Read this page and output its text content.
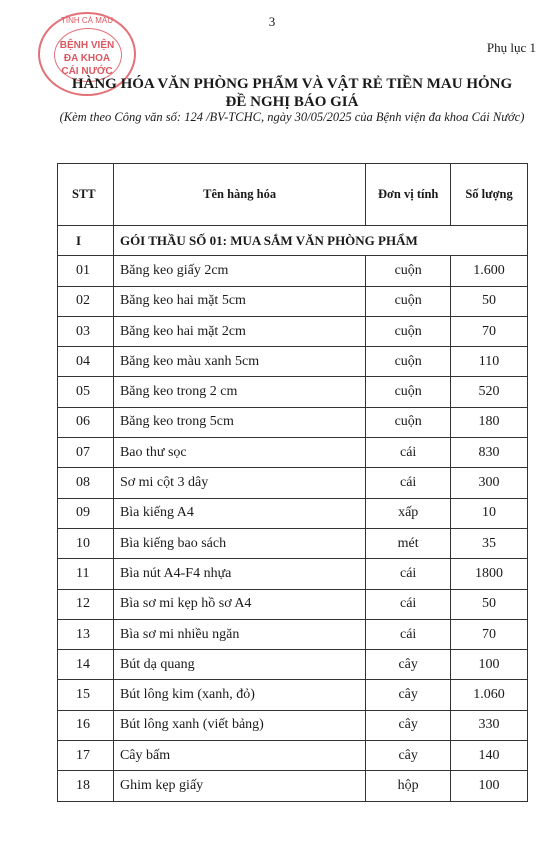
3
Phụ lục 1
TỈNH CÀ MAU
BỆNH VIỆN
ĐA KHOA
CÁI NƯỚC
HÀNG HÓA VĂN PHÒNG PHẨM VÀ VẬT RẺ TIỀN MAU HỎNG
ĐỀ NGHỊ BÁO GIÁ
(Kèm theo Công văn số: 124 /BV-TCHC, ngày 30/05/2025 của Bệnh viện đa khoa Cái Nước)
STT	Tên hàng hóa	Đơn vị tính	Số lượng
I	GÓI THẦU SỐ 01: MUA SẮM VĂN PHÒNG PHẨM		
01	Băng keo giấy 2cm	cuộn	1.600
02	Băng keo hai mặt 5cm	cuộn	50
03	Băng keo hai mặt 2cm	cuộn	70
04	Băng keo màu xanh 5cm	cuộn	110
05	Băng keo trong 2 cm	cuộn	520
06	Băng keo trong 5cm	cuộn	180
07	Bao thư sọc	cái	830
08	Sơ mi cột 3 dây	cái	300
09	Bìa kiếng A4	xấp	10
10	Bìa kiếng bao sách	mét	35
11	Bìa nút A4-F4 nhựa	cái	1800
12	Bìa sơ mi kẹp hồ sơ A4	cái	50
13	Bìa sơ mi nhiều ngăn	cái	70
14	Bút dạ quang	cây	100
15	Bút lông kim (xanh, đỏ)	cây	1.060
16	Bút lông xanh (viết bảng)	cây	330
17	Cây bấm	cây	140
18	Ghim kẹp giấy	hộp	100
